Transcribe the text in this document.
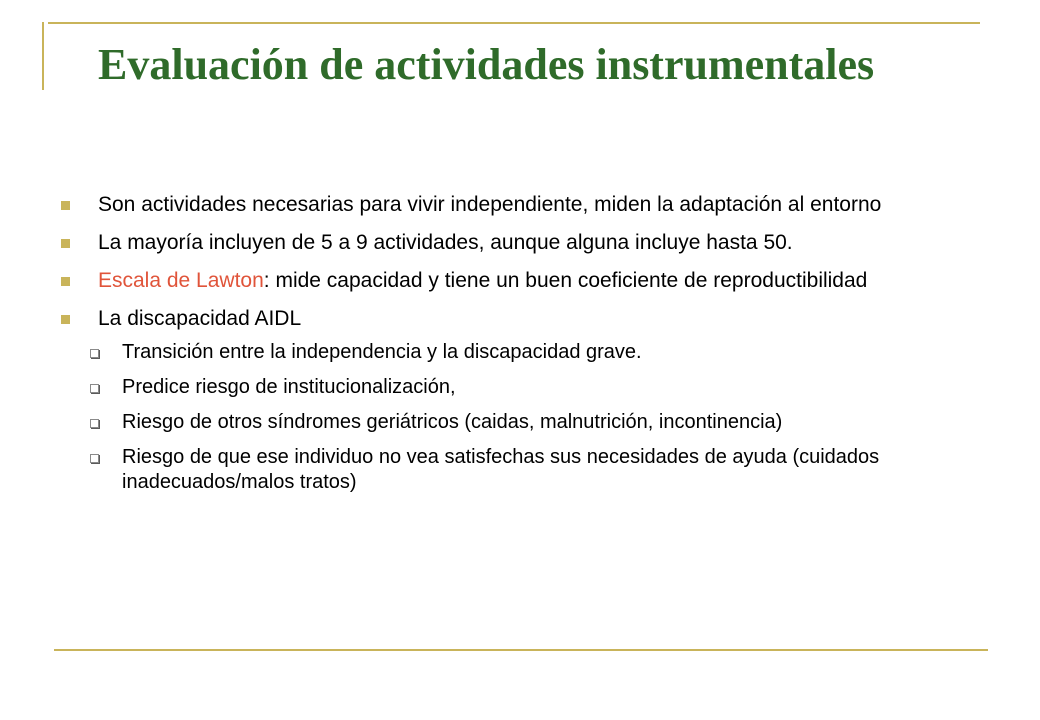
Evaluación de actividades instrumentales
Son actividades necesarias para vivir independiente, miden la adaptación al entorno
La mayoría incluyen de 5 a 9 actividades, aunque alguna incluye hasta 50.
Escala de Lawton: mide capacidad y tiene un buen coeficiente de reproductibilidad
La discapacidad AIDL
Transición entre la independencia y la discapacidad grave.
Predice riesgo de institucionalización,
Riesgo de otros síndromes geriátricos (caidas, malnutrición, incontinencia)
Riesgo de que ese individuo no vea satisfechas sus necesidades de ayuda (cuidados inadecuados/malos tratos)
